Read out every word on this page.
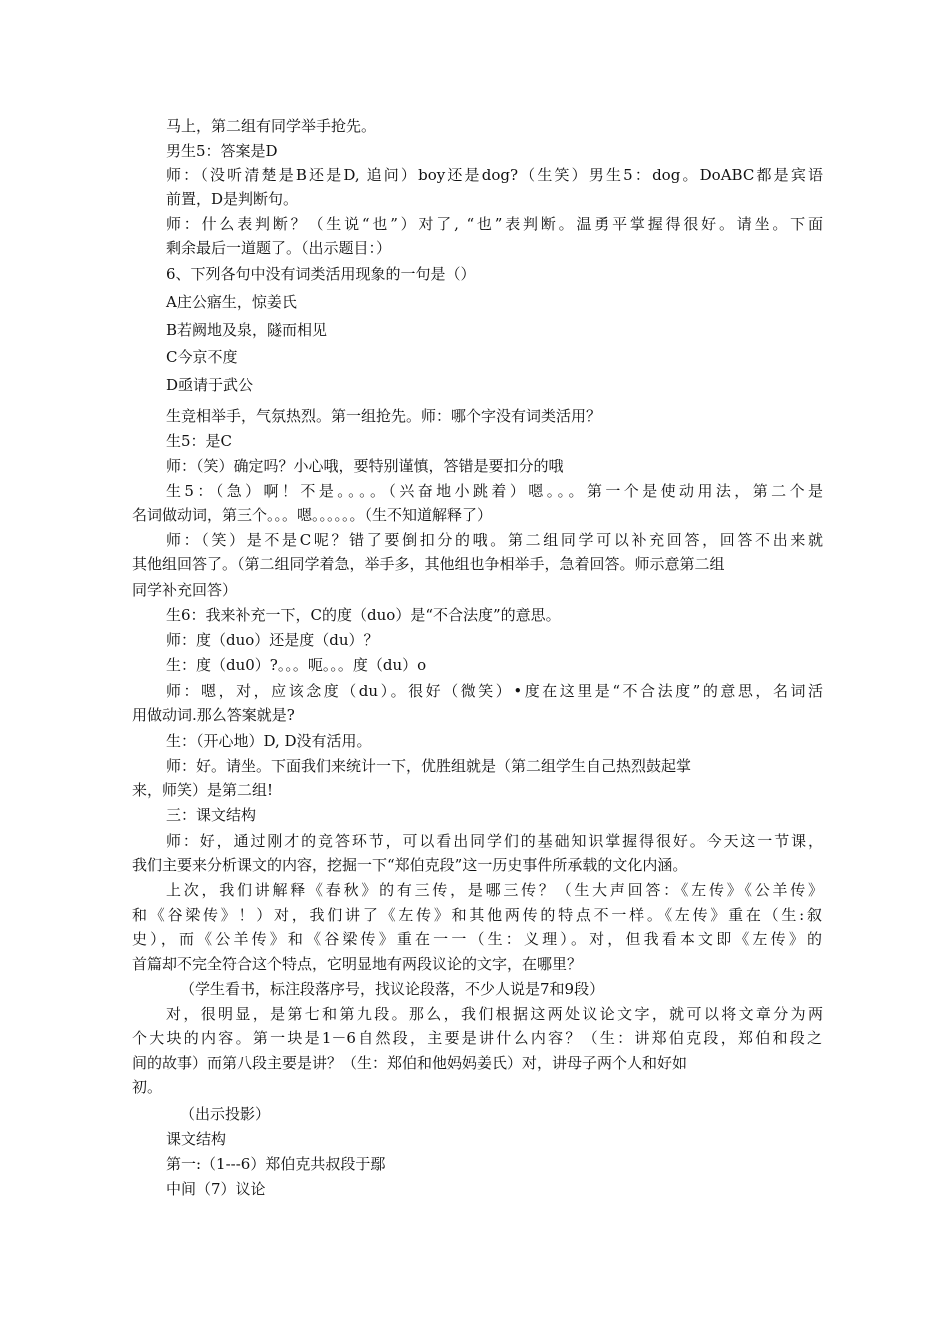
马上，第二组有同学举手抢先。
男生5：答案是D
师：（没听清楚是B还是D, 追问）boy还是dog?（生笑）男生5：dog。DoABC都是宾语
前置，D是判断句。
师：什么表判断？（生说“也”）对了, “也”表判断。温勇平掌握得很好。请坐。下面
剩余最后一道题了。（出示题目：）
6、下列各句中没有词类活用现象的一句是（）
A庄公寤生，惊姜氏
B若阙地及泉，隧而相见
C今京不度
D亟请于武公
生竞相举手，气氛热烈。第一组抢先。师：哪个字没有词类活用？
生5：是C
师：（笑）确定吗？小心哦，要特别谨慎，答错是要扣分的哦
生5：（急）啊！不是。。。。（兴奋地小跳着）嗯。。。第一个是使动用法，第二个是
名词做动词，第三个。。。嗯。。。。。。（生不知道解释了）
师：（笑）是不是C呢？错了要倒扣分的哦。第二组同学可以补充回答，回答不出来就
其他组回答了。（第二组同学着急，举手多，其他组也争相举手，急着回答。师示意第二组
同学补充回答）
生6：我来补充一下，C的度（duo）是“不合法度”的意思。
师：度（duo）还是度（du）？
生：度（du0）?。。。呃。。。度（du）o
师：嗯，对，应该念度（du）。很好（微笑）•度在这里是“不合法度”的意思，名词活
用做动词.那么答案就是?
生：（开心地）D, D没有活用。
师：好。请坐。下面我们来统计一下，优胜组就是（第二组学生自己热烈鼓起掌
来，师笑）是第二组!
三：课文结构
师：好，通过刚才的竞答环节，可以看出同学们的基础知识掌握得很好。今天这一节课，
我们主要来分析课文的内容，挖掘一下“郑伯克段”这一历史事件所承载的文化内涵。
上次，我们讲解释《春秋》的有三传，是哪三传？（生大声回答：《左传》《公羊传》
和《谷梁传》！）对，我们讲了《左传》和其他两传的特点不一样。《左传》重在（生:叙
史），而《公羊传》和《谷梁传》重在一一（生：义理）。对，但我看本文即《左传》的
首篇却不完全符合这个特点，它明显地有两段议论的文字，在哪里？
（学生看书，标注段落序号，找议论段落，不少人说是7和9段）
对，很明显，是第七和第九段。那么，我们根据这两处议论文字，就可以将文章分为两
个大块的内容。第一块是1－6自然段，主要是讲什么内容？（生：讲郑伯克段，郑伯和段之
间的故事）而第八段主要是讲？（生：郑伯和他妈妈姜氏）对，讲母子两个人和好如
初。
（出示投影）
课文结构
第一:（1---6）郑伯克共叔段于鄢
中间（7）议论
